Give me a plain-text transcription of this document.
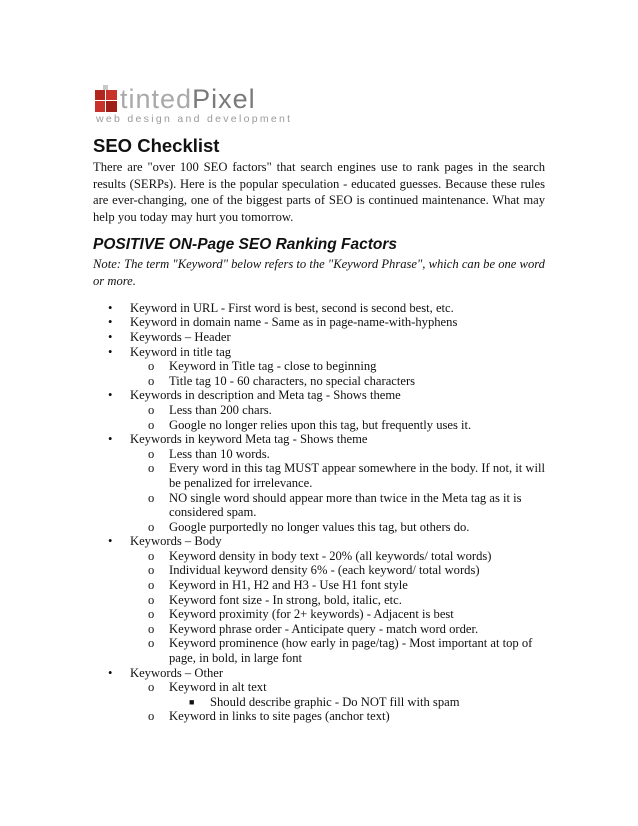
tintedPixel
web design and development
SEO Checklist

There are "over 100 SEO factors" that search engines use to rank pages in the search results (SERPs). Here is the popular speculation - educated guesses. Because these rules are ever-changing, one of the biggest parts of SEO is continued maintenance. What may help you today may hurt you tomorrow.

POSITIVE ON-Page SEO Ranking Factors

Note: The term "Keyword" below refers to the "Keyword Phrase", which can be one word or more.

• Keyword in URL - First word is best, second is second best, etc.
• Keyword in domain name - Same as in page-name-with-hyphens
• Keywords – Header
• Keyword in title tag
o Keyword in Title tag - close to beginning
o Title tag 10 - 60 characters, no special characters
• Keywords in description and Meta tag - Shows theme
o Less than 200 chars.
o Google no longer relies upon this tag, but frequently uses it.
• Keywords in keyword Meta tag - Shows theme
o Less than 10 words.
o Every word in this tag MUST appear somewhere in the body. If not, it will be penalized for irrelevance.
o NO single word should appear more than twice in the Meta tag as it is considered spam.
o Google purportedly no longer values this tag, but others do.
• Keywords – Body
o Keyword density in body text - 20% (all keywords/ total words)
o Individual keyword density 6% - (each keyword/ total words)
o Keyword in H1, H2 and H3 - Use H1 font style
o Keyword font size - In strong, bold, italic, etc.
o Keyword proximity (for 2+ keywords) - Adjacent is best
o Keyword phrase order - Anticipate query - match word order.
o Keyword prominence (how early in page/tag) - Most important at top of page, in bold, in large font
• Keywords – Other
o Keyword in alt text
■ Should describe graphic - Do NOT fill with spam
o Keyword in links to site pages (anchor text)
